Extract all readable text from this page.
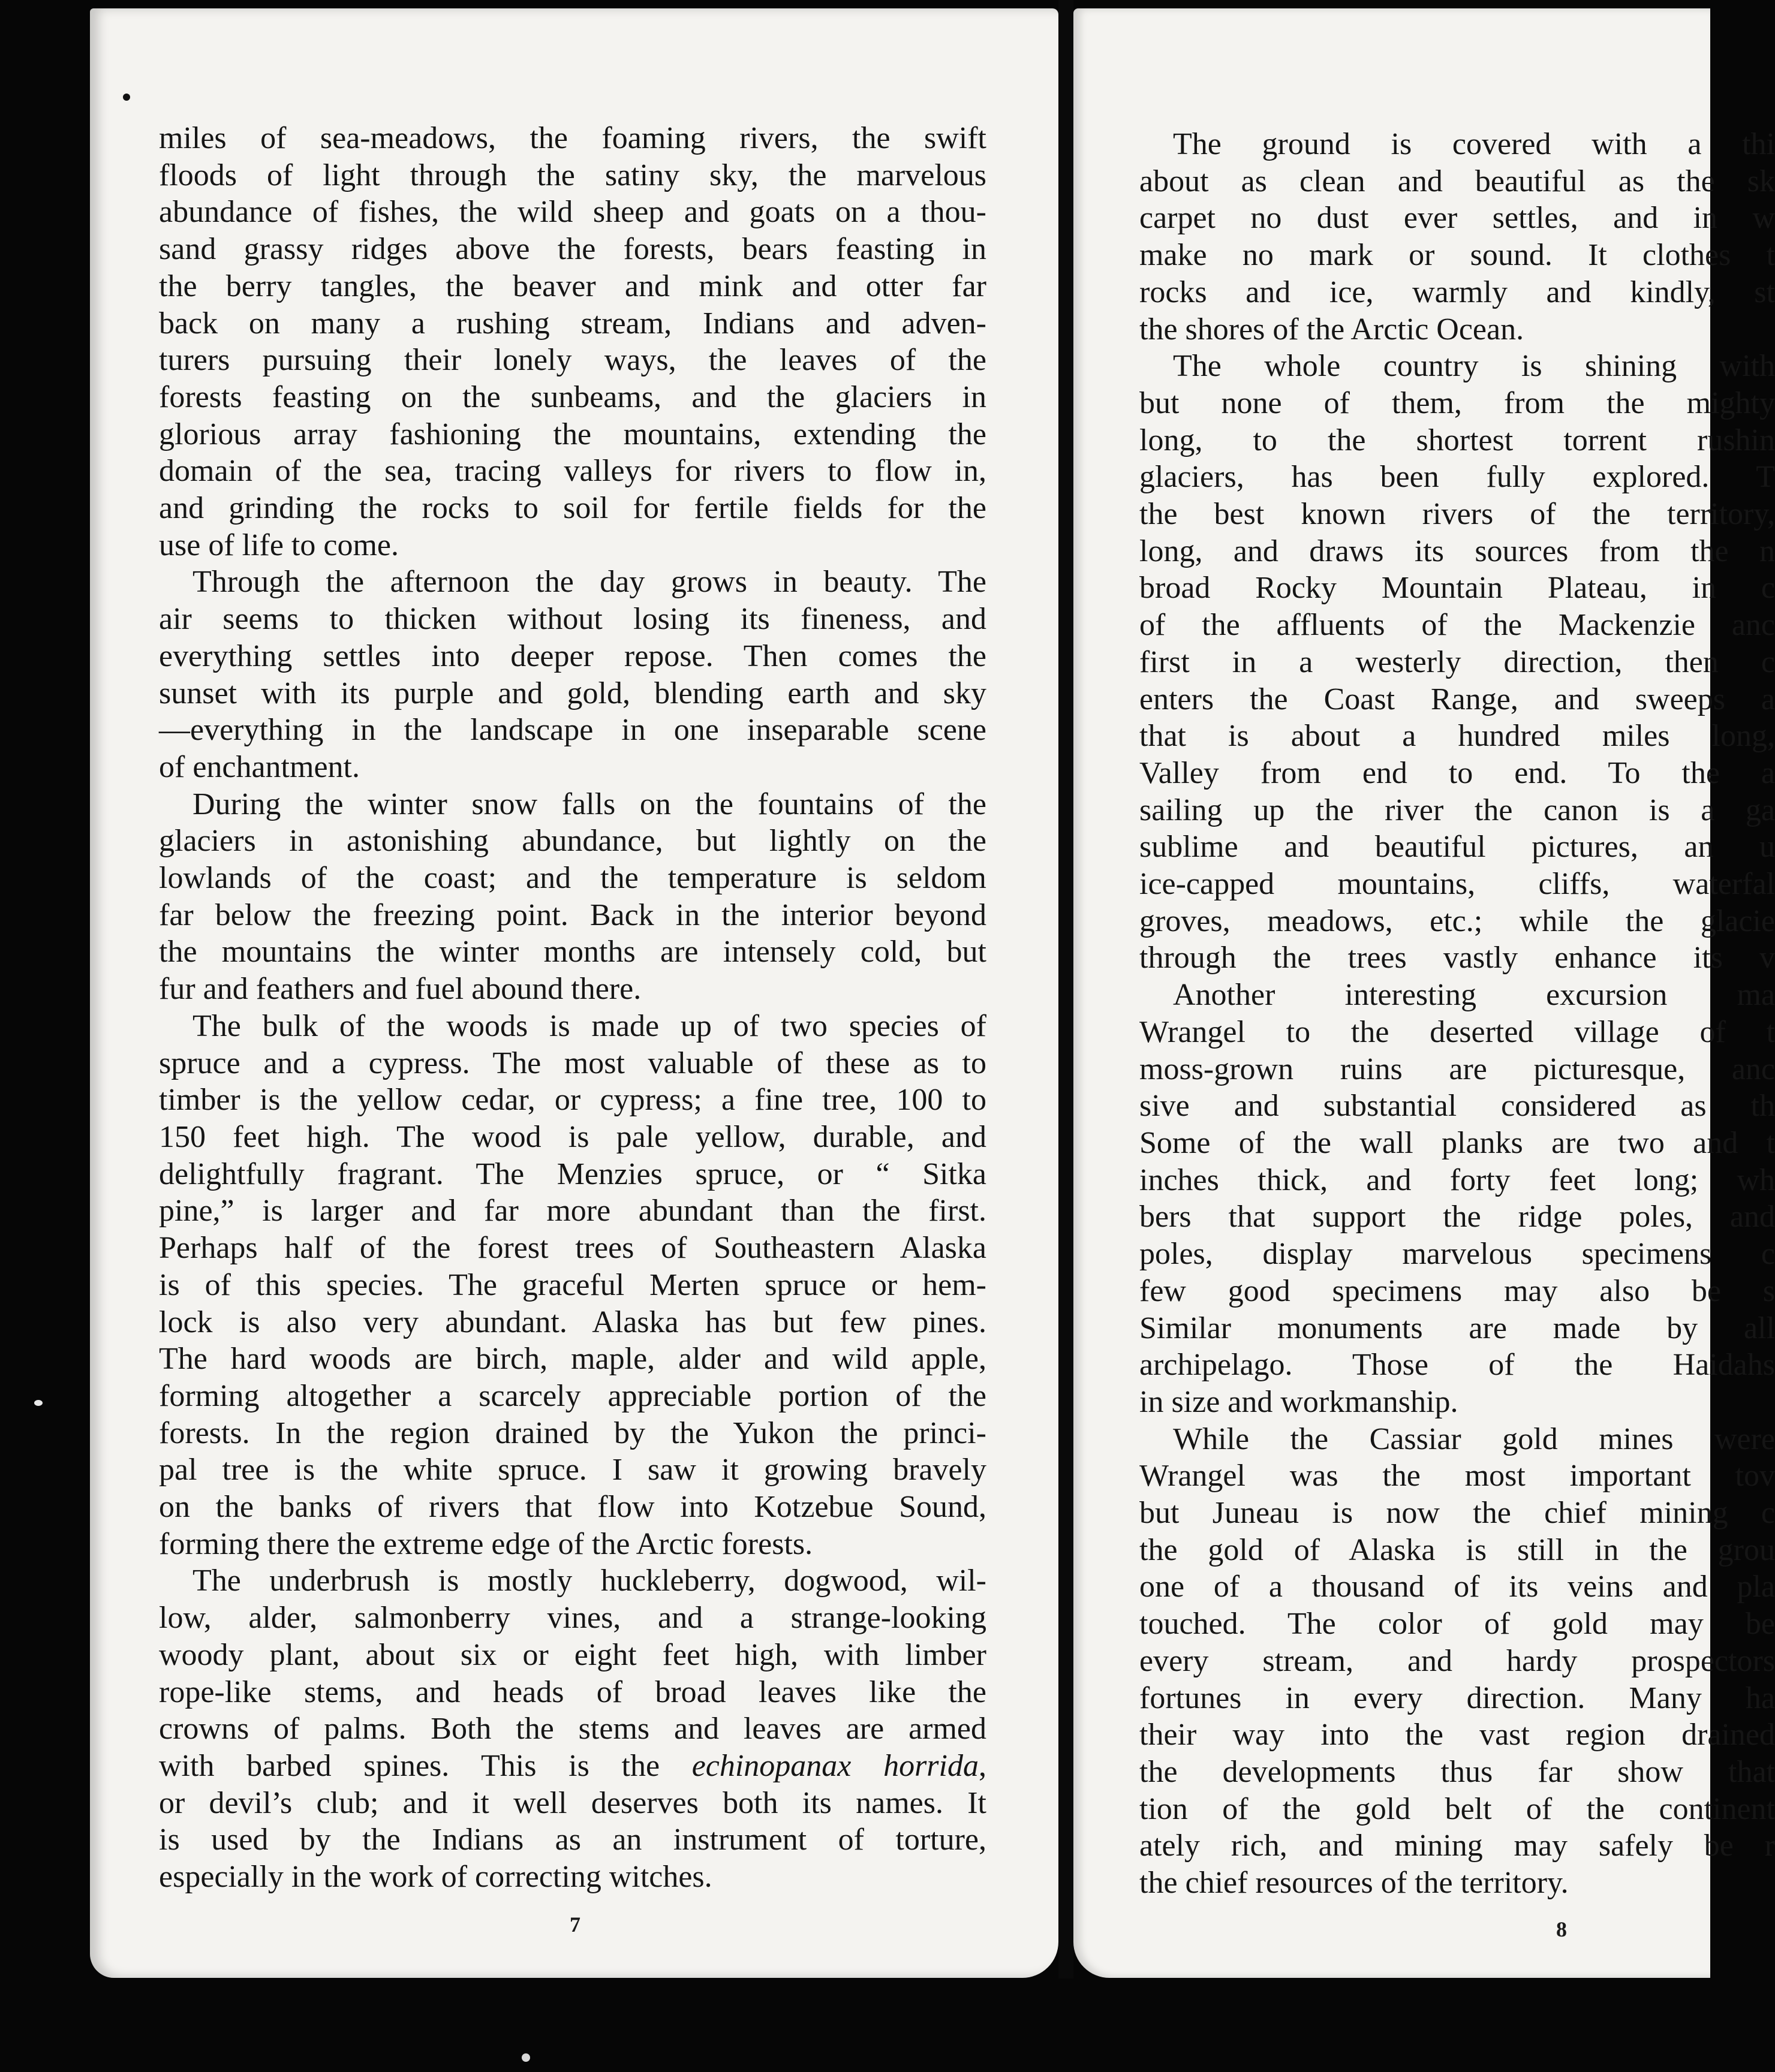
miles of sea-meadows, the foaming rivers, the swift
floods of light through the satiny sky, the marvelous
abundance of fishes, the wild sheep and goats on a thou-
sand grassy ridges above the forests, bears feasting in
the berry tangles, the beaver and mink and otter far
back on many a rushing stream, Indians and adven-
turers pursuing their lonely ways, the leaves of the
forests feasting on the sunbeams, and the glaciers in
glorious array fashioning the mountains, extending the
domain of the sea, tracing valleys for rivers to flow in,
and grinding the rocks to soil for fertile fields for the
use of life to come.
Through the afternoon the day grows in beauty. The
air seems to thicken without losing its fineness, and
everything settles into deeper repose. Then comes the
sunset with its purple and gold, blending earth and sky
—everything in the landscape in one inseparable scene
of enchantment.
During the winter snow falls on the fountains of the
glaciers in astonishing abundance, but lightly on the
lowlands of the coast; and the temperature is seldom
far below the freezing point. Back in the interior beyond
the mountains the winter months are intensely cold, but
fur and feathers and fuel abound there.
The bulk of the woods is made up of two species of
spruce and a cypress. The most valuable of these as to
timber is the yellow cedar, or cypress; a fine tree, 100 to
150 feet high. The wood is pale yellow, durable, and
delightfully fragrant. The Menzies spruce, or “ Sitka
pine,” is larger and far more abundant than the first.
Perhaps half of the forest trees of Southeastern Alaska
is of this species. The graceful Merten spruce or hem-
lock is also very abundant. Alaska has but few pines.
The hard woods are birch, maple, alder and wild apple,
forming altogether a scarcely appreciable portion of the
forests. In the region drained by the Yukon the princi-
pal tree is the white spruce. I saw it growing bravely
on the banks of rivers that flow into Kotzebue Sound,
forming there the extreme edge of the Arctic forests.
The underbrush is mostly huckleberry, dogwood, wil-
low, alder, salmonberry vines, and a strange-looking
woody plant, about six or eight feet high, with limber
rope-like stems, and heads of broad leaves like the
crowns of palms. Both the stems and leaves are armed
with barbed spines. This is the echinopanax horrida,
or devil’s club; and it well deserves both its names. It
is used by the Indians as an instrument of torture,
especially in the work of correcting witches.
7
The ground is covered with a thi
about as clean and beautiful as the sk
carpet no dust ever settles, and in w
make no mark or sound. It clothes t
rocks and ice, warmly and kindly, st
the shores of the Arctic Ocean.
The whole country is shining with
but none of them, from the mighty
long, to the shortest torrent rushin
glaciers, has been fully explored. T
the best known rivers of the territory,
long, and draws its sources from the n
broad Rocky Mountain Plateau, in c
of the affluents of the Mackenzie anc
first in a westerly direction, then c
enters the Coast Range, and sweeps a
that is about a hundred miles long,
Valley from end to end. To the a
sailing up the river the canon is a ga
sublime and beautiful pictures, an u
ice-capped mountains, cliffs, waterfal
groves, meadows, etc.; while the glacie
through the trees vastly enhance its v
Another interesting excursion ma
Wrangel to the deserted village of t
moss-grown ruins are picturesque, anc
sive and substantial considered as th
Some of the wall planks are two and t
inches thick, and forty feet long; wh
bers that support the ridge poles, and
poles, display marvelous specimens c
few good specimens may also be s
Similar monuments are made by all
archipelago. Those of the Haidahs
in size and workmanship.
While the Cassiar gold mines were
Wrangel was the most important tov
but Juneau is now the chief mining c
the gold of Alaska is still in the grou
one of a thousand of its veins and pla
touched. The color of gold may be
every stream, and hardy prospectors
fortunes in every direction. Many ha
their way into the vast region drained
the developments thus far show that
tion of the gold belt of the continent
ately rich, and mining may safely be r
the chief resources of the territory.
8
